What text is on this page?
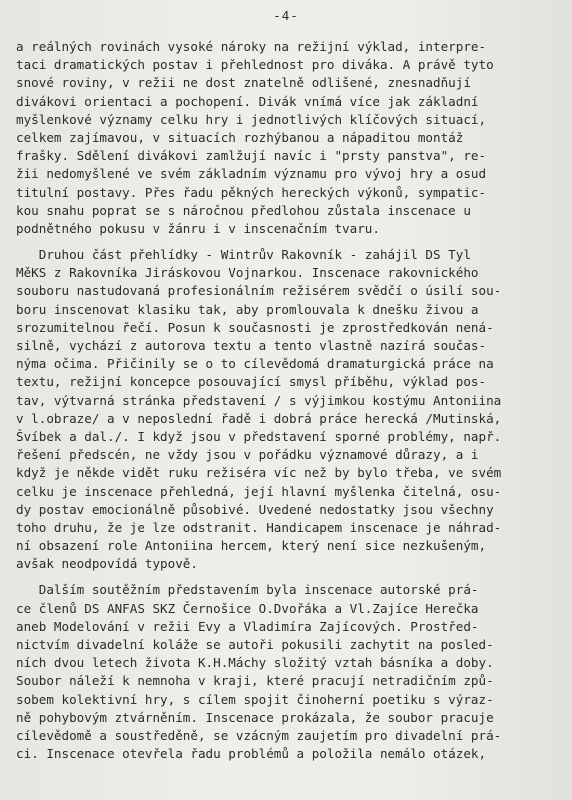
-4-
a reálných rovinách vysoké nároky na režijní výklad, interpre-
taci dramatických postav i přehlednost pro diváka. A právě tyto
snové roviny, v režii ne dost znatelně odlišené, znesnadňují
divákovi orientaci a pochopení. Divák vnímá více jak základní
myšlenkové významy celku hry i jednotlivých klíčových situací,
celkem zajímavou, v situacích rozhýbanou a nápaditou montáž
frašky. Sdělení divákovi zamlžují navíc i "prsty panstva", re-
žii nedomyšlené ve svém základním významu pro vývoj hry a osud
titulní postavy. Přes řadu pěkných hereckých výkonů, sympatic-
kou snahu poprat se s náročnou předlohou zůstala inscenace u
podnětného pokusu v žánru i v inscenačním tvaru.
Druhou část přehlídky - Wintrův Rakovník - zahájil DS Tyl
MěKS z Rakovníka Jiráskovou Vojnarkou. Inscenace rakovnického
souboru nastudovaná profesionálním režisérem svědčí o úsilí sou-
boru inscenovat klasiku tak, aby promlouvala k dnešku živou a
srozumitelnou řečí. Posun k současnosti je zprostředkován nená-
silně, vychází z autorova textu a tento vlastně nazírá součas-
nýma očima. Přičinily se o to cílevědomá dramaturgická práce na
textu, režijní koncepce posouvající smysl příběhu, výklad pos-
tav, výtvarná stránka představení / s výjimkou kostýmu Antoniina
v l.obraze/ a v neposlední řadě i dobrá práce herecká /Mutinská,
Švíbek a dal./. I když jsou v představení sporné problémy, např.
řešení předscén, ne vždy jsou v pořádku významové důrazy, a i
když je někde vidět ruku režiséra víc než by bylo třeba, ve svém
celku je inscenace přehledná, její hlavní myšlenka čitelná, osu-
dy postav emocionálně působivé. Uvedené nedostatky jsou všechny
toho druhu, že je lze odstranit. Handicapem inscenace je náhrad-
ní obsazení role Antoniina hercem, který není sice nezkušeným,
avšak neodpovídá typově.
Dalším soutěžním představením byla inscenace autorské prá-
ce členů DS ANFAS SKZ Černošice O.Dvořáka a Vl.Zajíce Herečka
aneb Modelování v režii Evy a Vladimíra Zajícových. Prostřed-
nictvím divadelní koláže se autoři pokusili zachytit na posled-
ních dvou letech života K.H.Máchy složitý vztah básníka a doby.
Soubor náleží k nemnoha v kraji, které pracují netradičním způ-
sobem kolektivní hry, s cílem spojit činoherní poetiku s výraz-
ně pohybovým ztvárněním. Inscenace prokázala, že soubor pracuje
cílevědomě a soustředěně, se vzácným zaujetím pro divadelní prá-
ci. Inscenace otevřela řadu problémů a položila nemálo otázek,
